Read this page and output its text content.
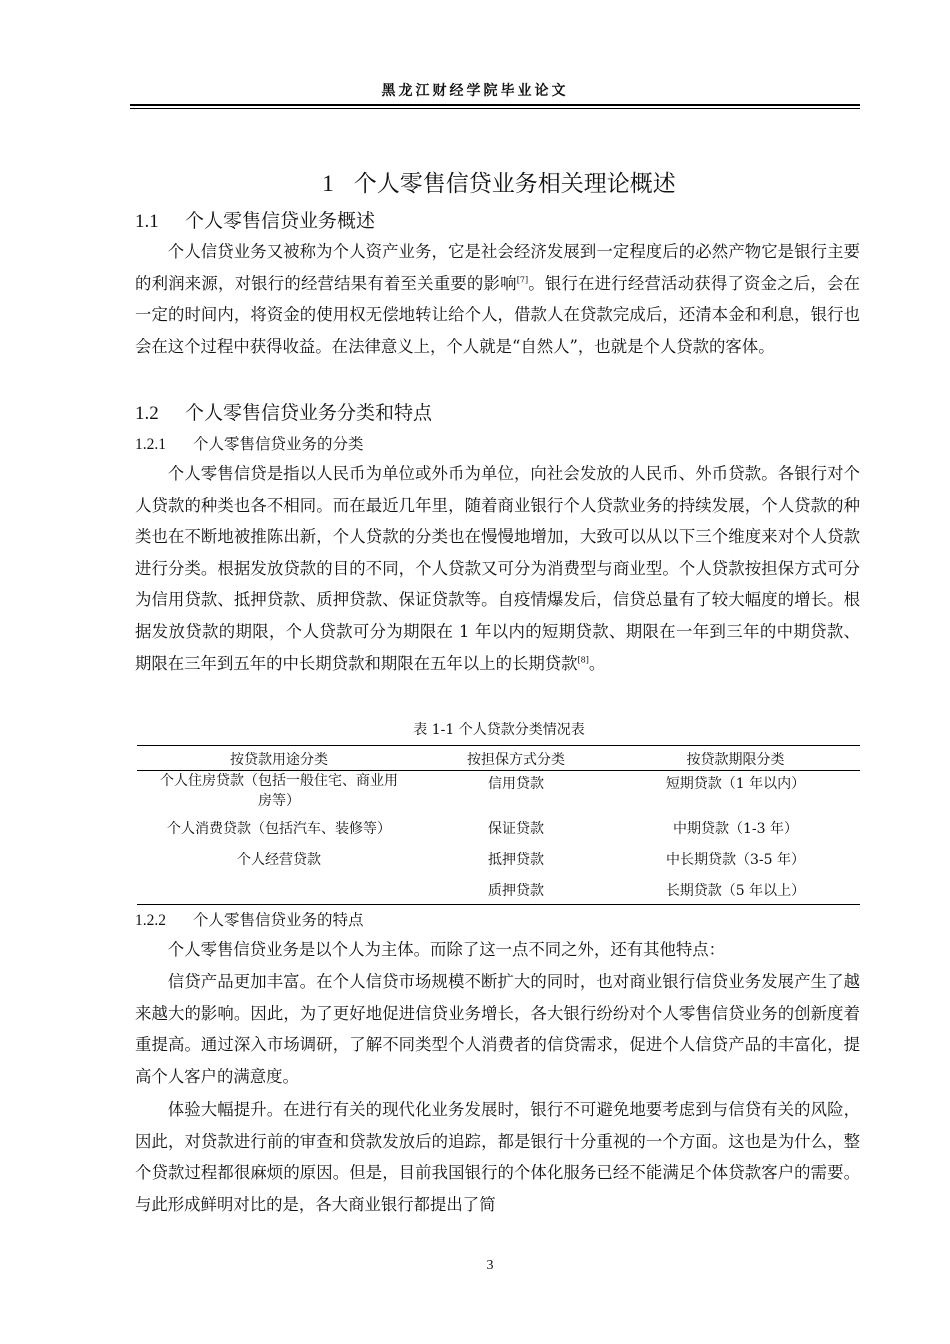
黑龙江财经学院毕业论文
1 个人零售信贷业务相关理论概述
1.1 个人零售信贷业务概述

个人信贷业务又被称为个人资产业务，它是社会经济发展到一定程度后的必然产物它是银行主要的利润来源，对银行的经营结果有着至关重要的影响[7]。银行在进行经营活动获得了资金之后，会在一定的时间内，将资金的使用权无偿地转让给个人，借款人在贷款完成后，还清本金和利息，银行也会在这个过程中获得收益。在法律意义上，个人就是“自然人”，也就是个人贷款的客体。

1.2 个人零售信贷业务分类和特点
1.2.1 个人零售信贷业务的分类

个人零售信贷是指以人民币为单位或外币为单位，向社会发放的人民币、外币贷款。各银行对个人贷款的种类也各不相同。而在最近几年里，随着商业银行个人贷款业务的持续发展，个人贷款的种类也在不断地被推陈出新，个人贷款的分类也在慢慢地增加，大致可以从以下三个维度来对个人贷款进行分类。根据发放贷款的目的不同，个人贷款又可分为消费型与商业型。个人贷款按担保方式可分为信用贷款、抵押贷款、质押贷款、保证贷款等。自疫情爆发后，信贷总量有了较大幅度的增长。根据发放贷款的期限，个人贷款可分为期限在 1 年以内的短期贷款、期限在一年到三年的中期贷款、期限在三年到五年的中长期贷款和期限在五年以上的长期贷款[8]。

表 1-1 个人贷款分类情况表
按贷款用途分类	按担保方式分类	按贷款期限分类
个人住房贷款（包括一般住宅、商业用房等）	信用贷款	短期贷款（1 年以内）
个人消费贷款（包括汽车、装修等）	保证贷款	中期贷款（1-3 年）
个人经营贷款	抵押贷款	中长期贷款（3-5 年）
	质押贷款	长期贷款（5 年以上）
1.2.2 个人零售信贷业务的特点

个人零售信贷业务是以个人为主体。而除了这一点不同之外，还有其他特点：

信贷产品更加丰富。在个人信贷市场规模不断扩大的同时，也对商业银行信贷业务发展产生了越来越大的影响。因此，为了更好地促进信贷业务增长，各大银行纷纷对个人零售信贷业务的创新度着重提高。通过深入市场调研，了解不同类型个人消费者的信贷需求，促进个人信贷产品的丰富化，提高个人客户的满意度。

体验大幅提升。在进行有关的现代化业务发展时，银行不可避免地要考虑到与信贷有关的风险，因此，对贷款进行前的审查和贷款发放后的追踪，都是银行十分重视的一个方面。这也是为什么，整个贷款过程都很麻烦的原因。但是，目前我国银行的个体化服务已经不能满足个体贷款客户的需要。与此形成鲜明对比的是，各大商业银行都提出了简

3
